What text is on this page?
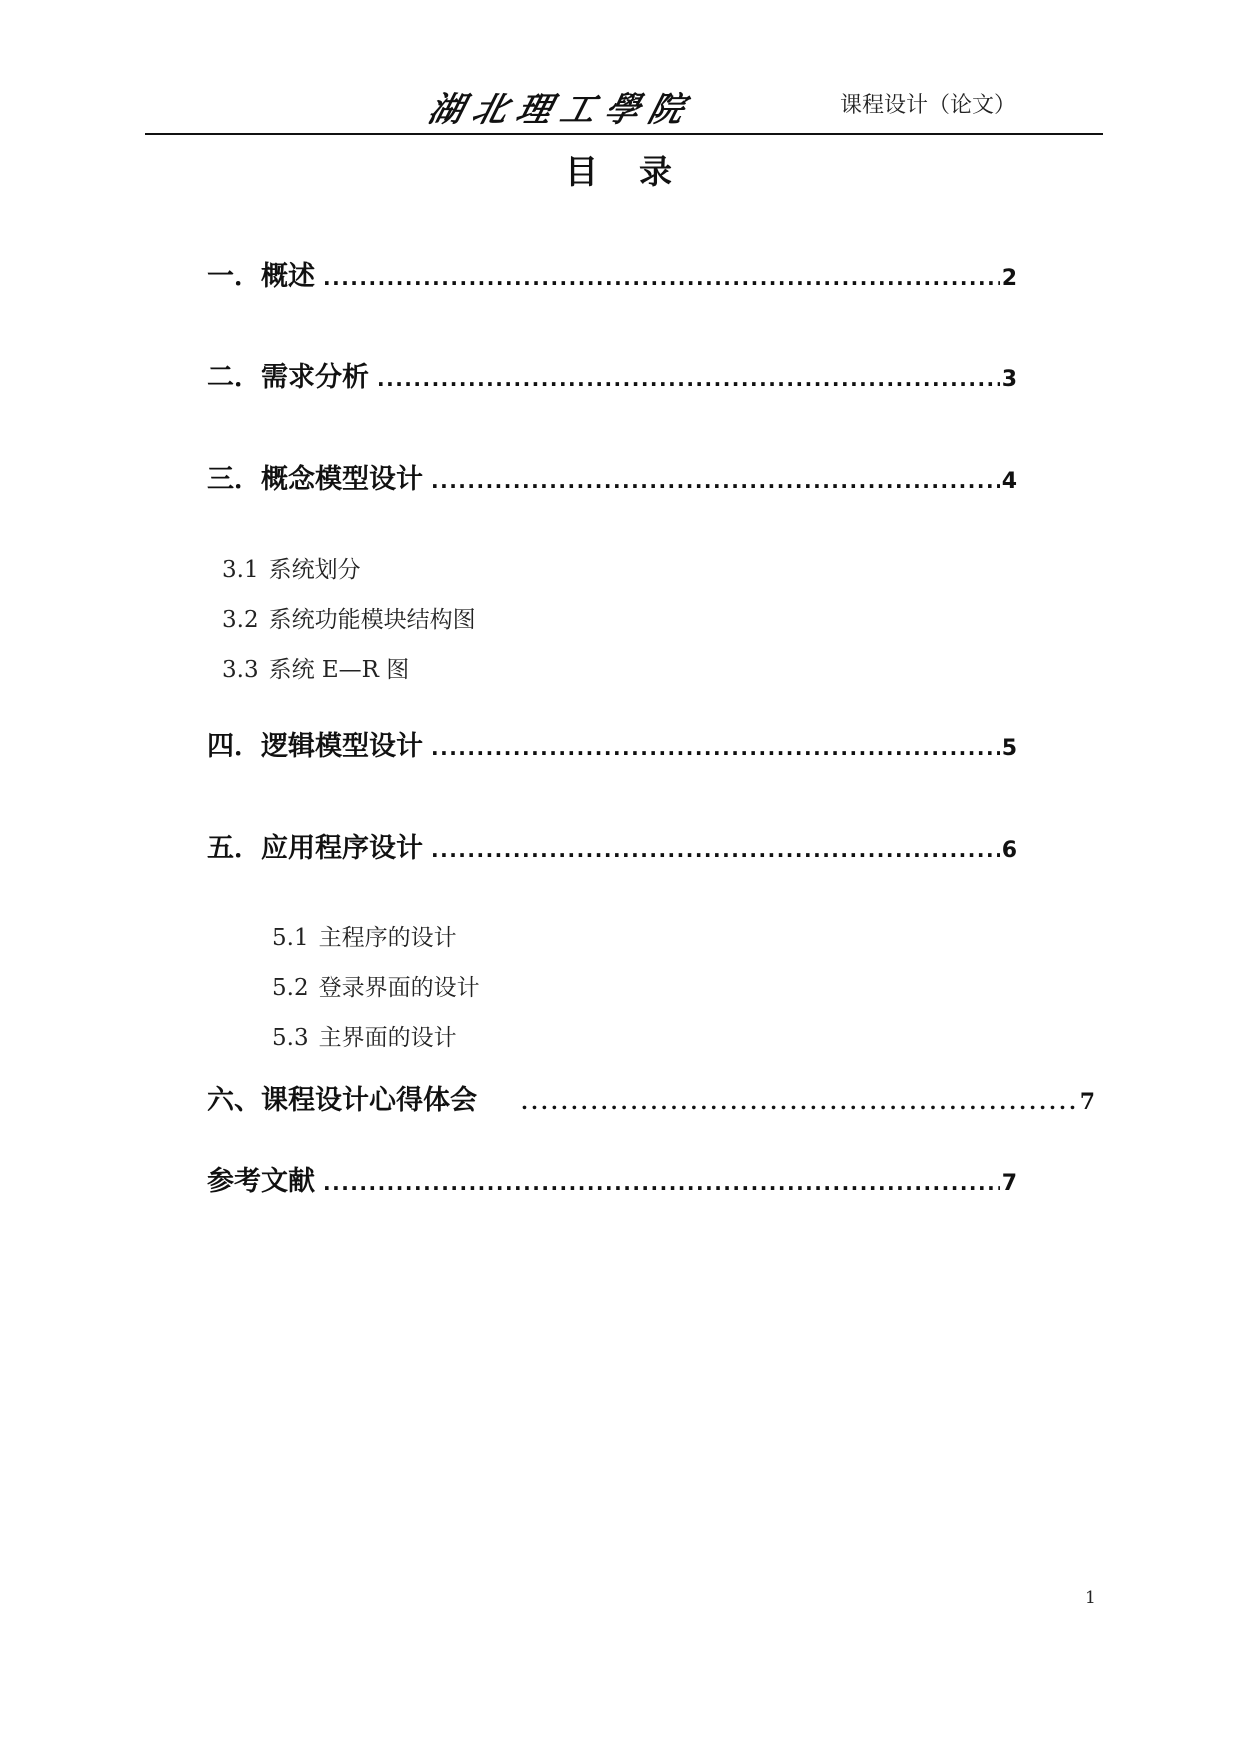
湖北理工學院	课程设计（论文）
目　录
一．概述 .....	2
二．需求分析 .....	3
三．概念模型设计 .....	4
3.1 系统划分
3.2 系统功能模块结构图
3.3 系统 E—R 图
四．逻辑模型设计 .....	5
五．应用程序设计 .....	6
5.1 主程序的设计
5.2 登录界面的设计
5.3 主界面的设计
六、课程设计心得体会 .....	7
参考文献 .....	7
1
